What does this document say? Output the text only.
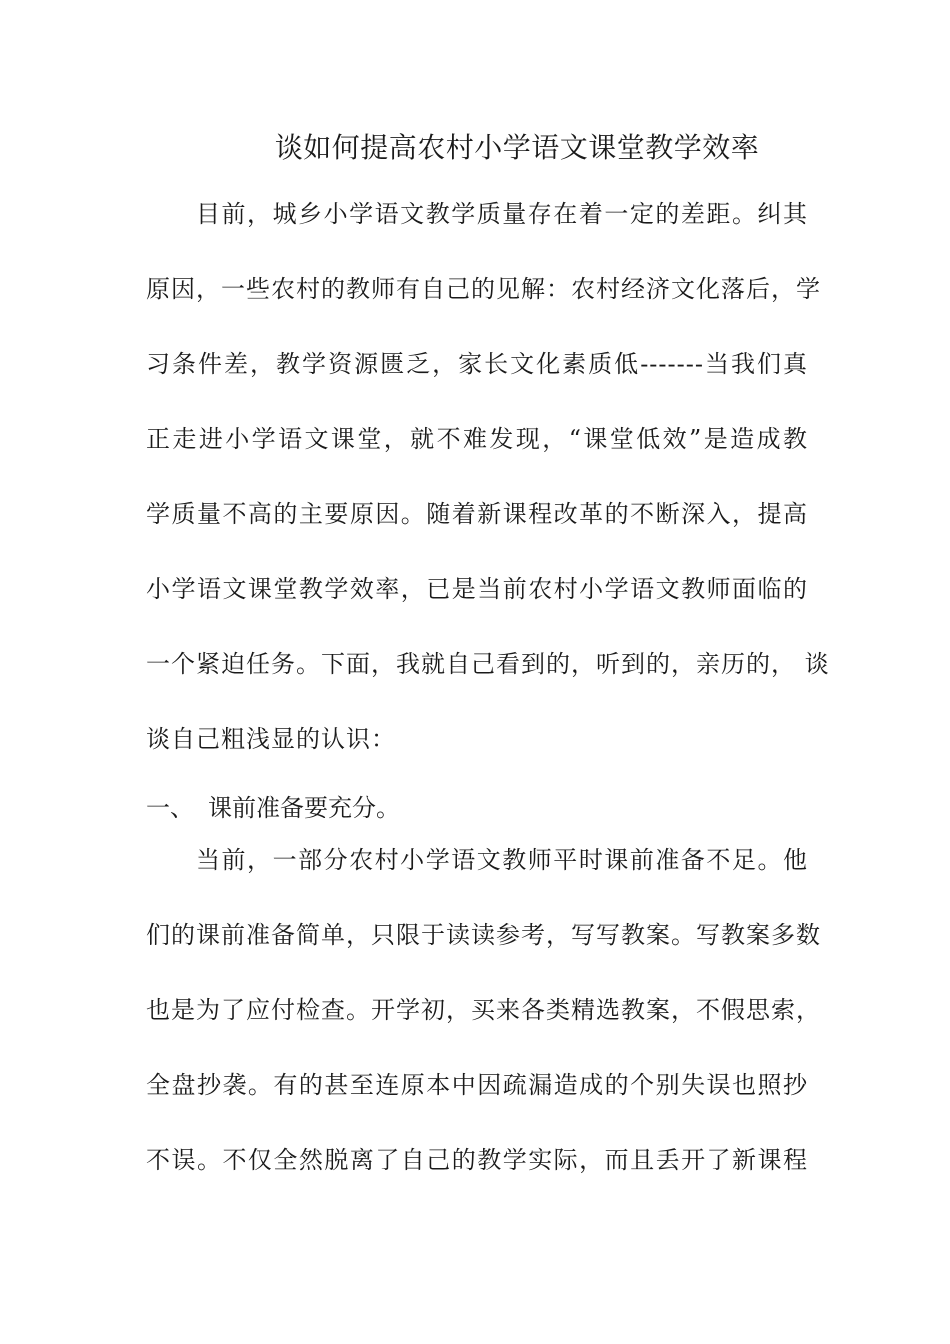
谈如何提高农村小学语文课堂教学效率
目前，城乡小学语文教学质量存在着一定的差距。纠其
原因，一些农村的教师有自己的见解：农村经济文化落后，学
习条件差，教学资源匮乏，家长文化素质低-------当我们真
正走进小学语文课堂，就不难发现，“课堂低效”是造成教
学质量不高的主要原因。随着新课程改革的不断深入，提高
小学语文课堂教学效率，已是当前农村小学语文教师面临的
一个紧迫任务。下面，我就自己看到的，听到的，亲历的， 谈
谈自己粗浅显的认识：
一、 课前准备要充分。
当前，一部分农村小学语文教师平时课前准备不足。他
们的课前准备简单，只限于读读参考，写写教案。写教案多数
也是为了应付检查。开学初，买来各类精选教案，不假思索，
全盘抄袭。有的甚至连原本中因疏漏造成的个别失误也照抄
不误。不仅全然脱离了自己的教学实际，而且丢开了新课程
